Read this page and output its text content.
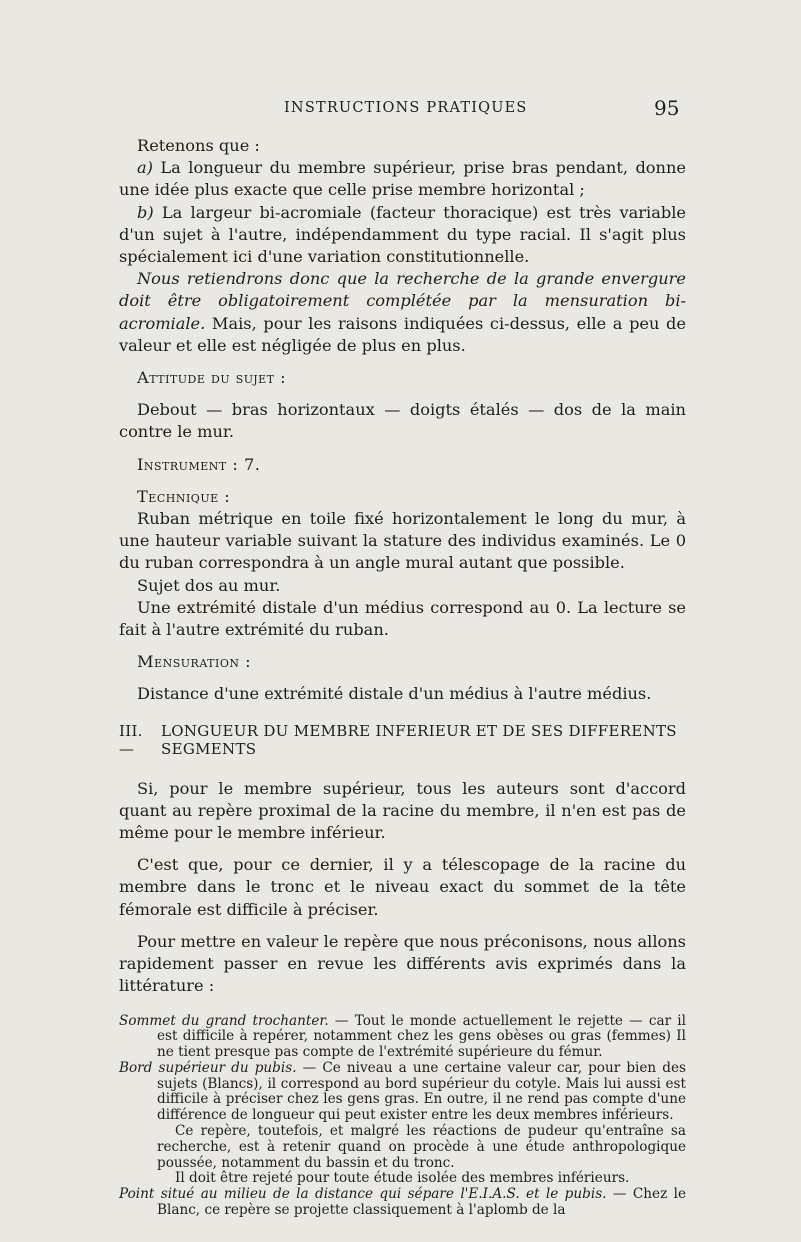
INSTRUCTIONS PRATIQUES	95

Retenons que :

a) La longueur du membre supérieur, prise bras pendant, donne une idée plus exacte que celle prise membre horizontal ;

b) La largeur bi-acromiale (facteur thoracique) est très variable d'un sujet à l'autre, indépendamment du type racial. Il s'agit plus spécialement ici d'une variation constitutionnelle.

Nous retiendrons donc que la recherche de la grande envergure doit être obligatoirement complétée par la mensuration bi-acromiale. Mais, pour les raisons indiquées ci-dessus, elle a peu de valeur et elle est négligée de plus en plus.

Attitude du sujet :

Debout — bras horizontaux — doigts étalés — dos de la main contre le mur.

Instrument : 7.

Technique :

Ruban métrique en toile fixé horizontalement le long du mur, à une hauteur variable suivant la stature des individus examinés. Le 0 du ruban correspondra à un angle mural autant que possible.

Sujet dos au mur.

Une extrémité distale d'un médius correspond au 0. La lecture se fait à l'autre extrémité du ruban.

Mensuration :

Distance d'une extrémité distale d'un médius à l'autre médius.

III. —
LONGUEUR DU MEMBRE INFERIEUR ET DE SES DIFFERENTS SEGMENTS

Si, pour le membre supérieur, tous les auteurs sont d'accord quant au repère proximal de la racine du membre, il n'en est pas de même pour le membre inférieur.

C'est que, pour ce dernier, il y a télescopage de la racine du membre dans le tronc et le niveau exact du sommet de la tête fémorale est difficile à préciser.

Pour mettre en valeur le repère que nous préconisons, nous allons rapidement passer en revue les différents avis exprimés dans la littérature :

Sommet du grand trochanter. — Tout le monde actuellement le rejette — car il est difficile à repérer, notamment chez les gens obèses ou gras (femmes) Il ne tient presque pas compte de l'extrémité supérieure du fémur.

Bord supérieur du pubis. — Ce niveau a une certaine valeur car, pour bien des sujets (Blancs), il correspond au bord supérieur du cotyle. Mais lui aussi est difficile à préciser chez les gens gras. En outre, il ne rend pas compte d'une différence de longueur qui peut exister entre les deux membres inférieurs.

Ce repère, toutefois, et malgré les réactions de pudeur qu'entraîne sa recherche, est à retenir quand on procède à une étude anthropologique poussée, notamment du bassin et du tronc.

Il doit être rejeté pour toute étude isolée des membres inférieurs.

Point situé au milieu de la distance qui sépare l'E.I.A.S. et le pubis. — Chez le Blanc, ce repère se projette classiquement à l'aplomb de la
